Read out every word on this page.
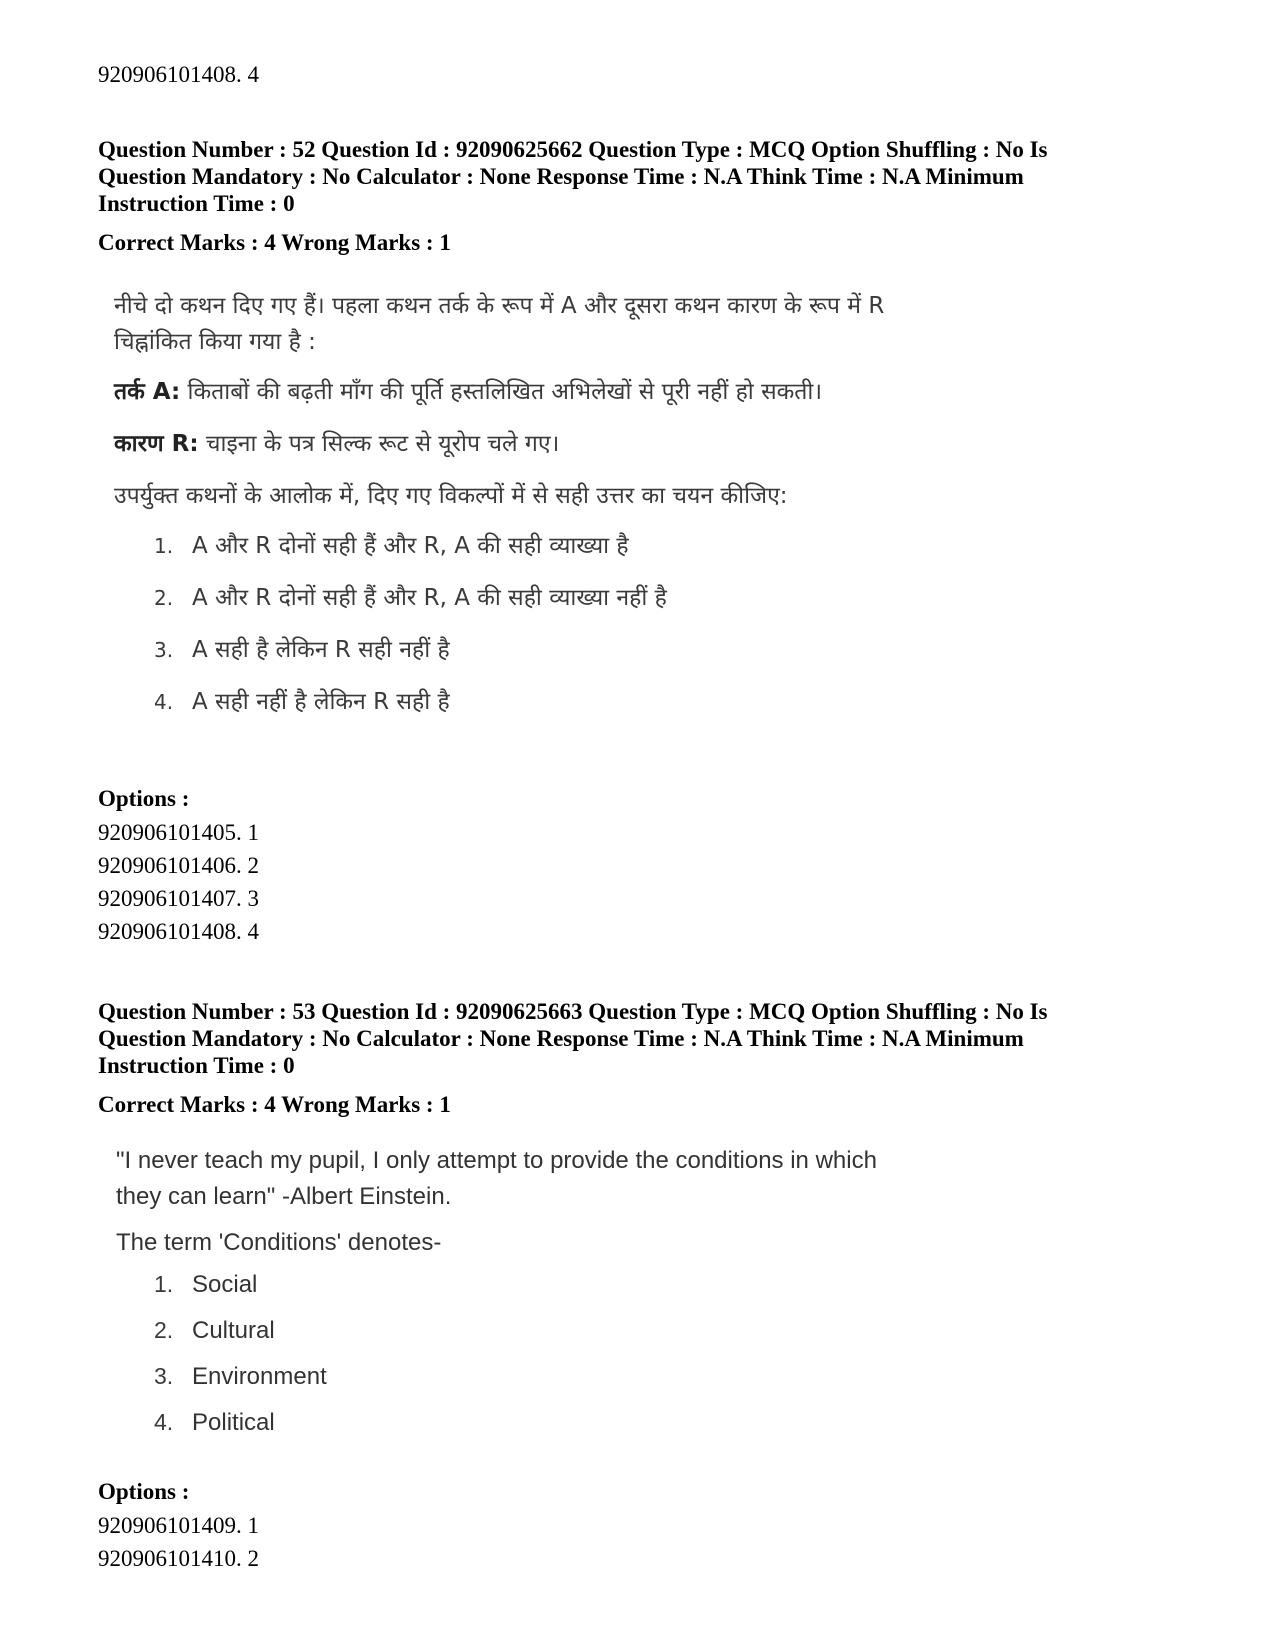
920906101408. 4
Question Number : 52 Question Id : 92090625662 Question Type : MCQ Option Shuffling : No Is
Question Mandatory : No Calculator : None Response Time : N.A Think Time : N.A Minimum
Instruction Time : 0
Correct Marks : 4 Wrong Marks : 1

नीचे दो कथन दिए गए हैं। पहला कथन तर्क के रूप में A और दूसरा कथन कारण के रूप में R

चिह्नांकित किया गया है :

तर्क A: किताबों की बढ़ती माँग की पूर्ति हस्तलिखित अभिलेखों से पूरी नहीं हो सकती।

कारण R: चाइना के पत्र सिल्क रूट से यूरोप चले गए।

उपर्युक्त कथनों के आलोक में, दिए गए विकल्पों में से सही उत्तर का चयन कीजिए:

1. A और R दोनों सही हैं और R, A की सही व्याख्या है
2. A और R दोनों सही हैं और R, A की सही व्याख्या नहीं है
3. A सही है लेकिन R सही नहीं है
4. A सही नहीं है लेकिन R सही है
Options :
920906101405. 1
920906101406. 2
920906101407. 3
920906101408. 4
Question Number : 53 Question Id : 92090625663 Question Type : MCQ Option Shuffling : No Is
Question Mandatory : No Calculator : None Response Time : N.A Think Time : N.A Minimum
Instruction Time : 0
Correct Marks : 4 Wrong Marks : 1

"I never teach my pupil, I only attempt to provide the conditions in which

they can learn" -Albert Einstein.

The term 'Conditions' denotes-

1. Social
2. Cultural
3. Environment
4. Political
Options :
920906101409. 1
920906101410. 2
